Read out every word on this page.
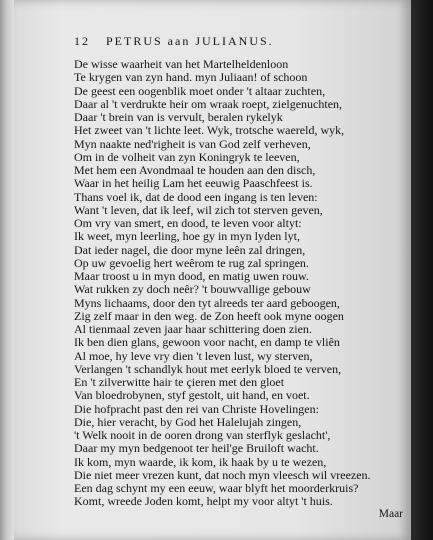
12 PETRUS aan JULIANUS.
De wisse waarheit van het Martelheldenloon
Te krygen van zyn hand. myn Juliaan! of schoon
De geest een oogenblik moet onder 't altaar zuchten,
Daar al 't verdrukte heir om wraak roept, zielgenuchten,
Daar 't brein van is vervult, beralen rykelyk
Het zweet van 't lichte leet. Wyk, trotsche waereld, wyk,
Myn naakte ned'righeit is van God zelf verheven,
Om in de volheit van zyn Koningryk te leeven,
Met hem een Avondmaal te houden aan den disch,
Waar in het heilig Lam het eeuwig Paaschfeest is.
Thans voel ik, dat de dood een ingang is ten leven:
Want 't leven, dat ik leef, wil zich tot sterven geven,
Om vry van smert, en dood, te leven voor altyt:
Ik weet, myn leerling, hoe gy in myn lyden lyt,
Dat ieder nagel, die door myne leên zal dringen,
Op uw gevoelig hert weêrom te rug zal springen.
Maar troost u in myn dood, en matig uwen rouw.
Wat rukken zy doch neêr? 't bouwvallige gebouw
Myns lichaams, door den tyt alreeds ter aard geboogen,
Zig zelf maar in den weg. de Zon heeft ook myne oogen
Al tienmaal zeven jaar haar schittering doen zien.
Ik ben dien glans, gewoon voor nacht, en damp te vliên
Al moe, hy leve vry dien 't leven lust, wy sterven,
Verlangen 't schandlyk hout met eerlyk bloed te verven,
En 't zilverwitte hair te çieren met den gloet
Van bloedrobynen, styf gestolt, uit hand, en voet.
Die hofpracht past den rei van Christe Hovelingen:
Die, hier veracht, by God het Halelujah zingen,
't Welk nooit in de ooren drong van sterflyk geslacht',
Daar my myn bedgenoot ter heil'ge Bruiloft wacht.
Ik kom, myn waarde, ik kom, ik haak by u te wezen,
Die niet meer vrezen kunt, dat noch myn vleesch wil vreezen.
Een dag schynt my een eeuw, waar blyft het moorderkruis?
Komt, wreede Joden komt, helpt my voor altyt 't huis.
Maar
